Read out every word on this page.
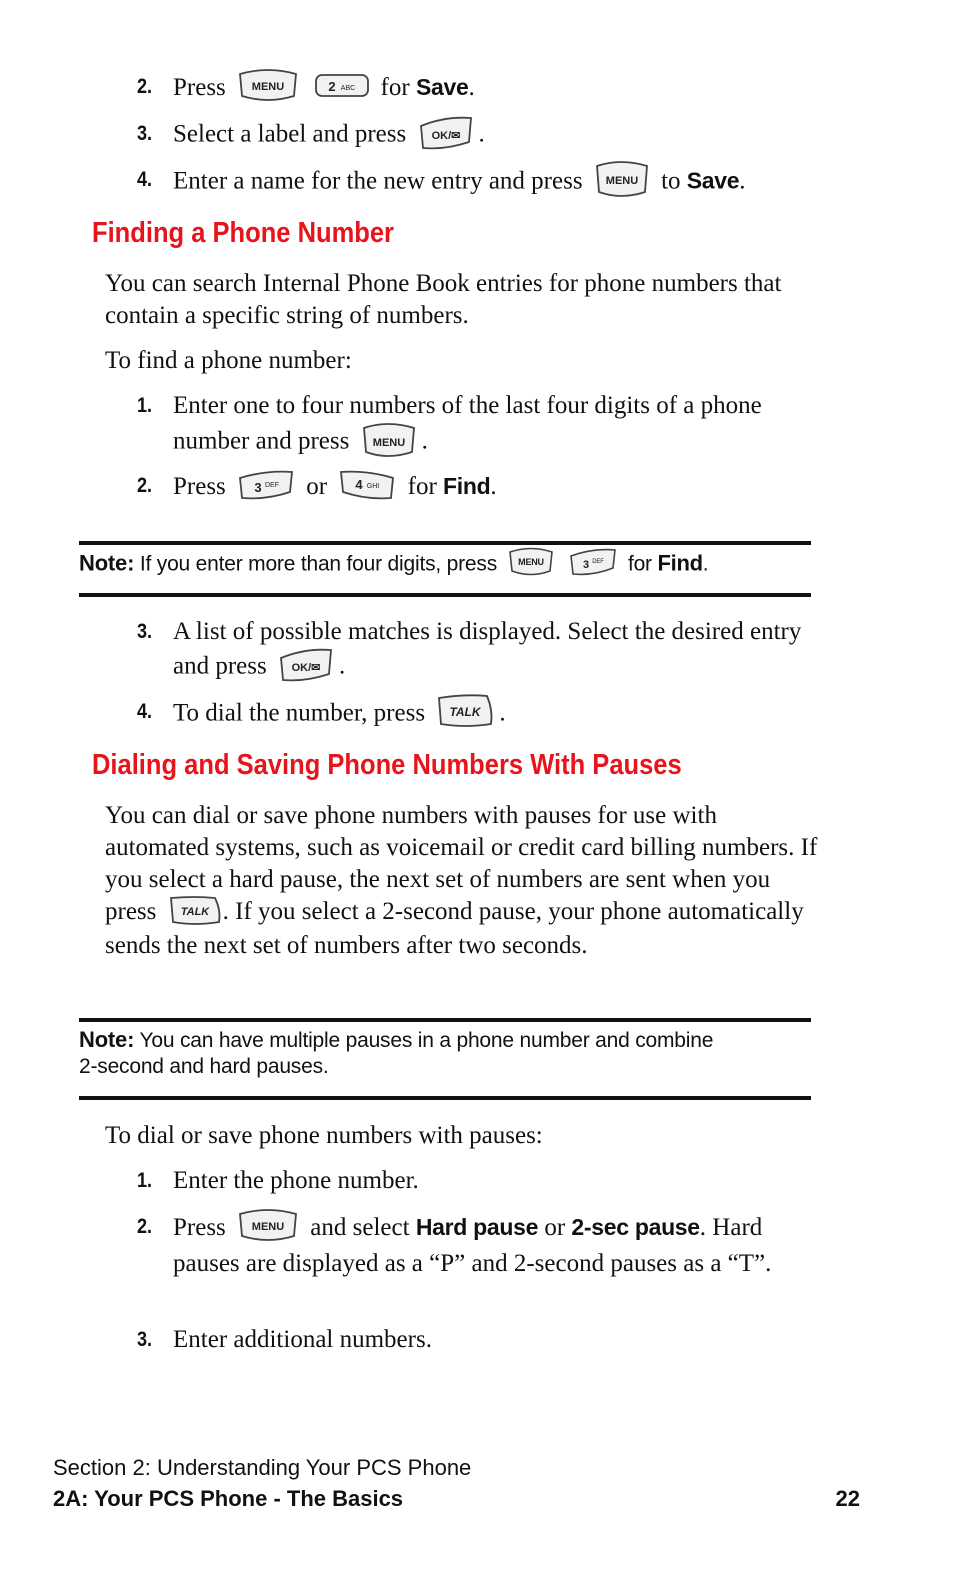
2. Press MENU
	2 ABC for Save.
3. Select a label and press OK/✉ .
4. Enter a name for the new entry and press MENU to Save.
Finding a Phone Number
You can search Internal Phone Book entries for phone numbers that contain a specific string of numbers.
To find a phone number:
1. Enter one to four numbers of the last four digits of a phone number and press MENU .
2. Press 3 DEF or 4 GHI for Find.
Note: If you enter more than four digits, press MENU
	3 DEF for Find.
3. A list of possible matches is displayed. Select the desired entry and press OK/✉ .
4. To dial the number, press TALK .
Dialing and Saving Phone Numbers With Pauses
You can dial or save phone numbers with pauses for use with automated systems, such as voicemail or credit card billing numbers. If you select a hard pause, the next set of numbers are sent when you press TALK . If you select a 2-second pause, your phone automatically sends the next set of numbers after two seconds.
Note: You can have multiple pauses in a phone number and combine
2-second and hard pauses.
To dial or save phone numbers with pauses:
1. Enter the phone number.
2. Press MENU and select Hard pause or 2-sec pause. Hard pauses are displayed as a “P” and 2-second pauses as a “T”.
3. Enter additional numbers.
Section 2: Understanding Your PCS Phone
2A: Your PCS Phone - The Basics	22
